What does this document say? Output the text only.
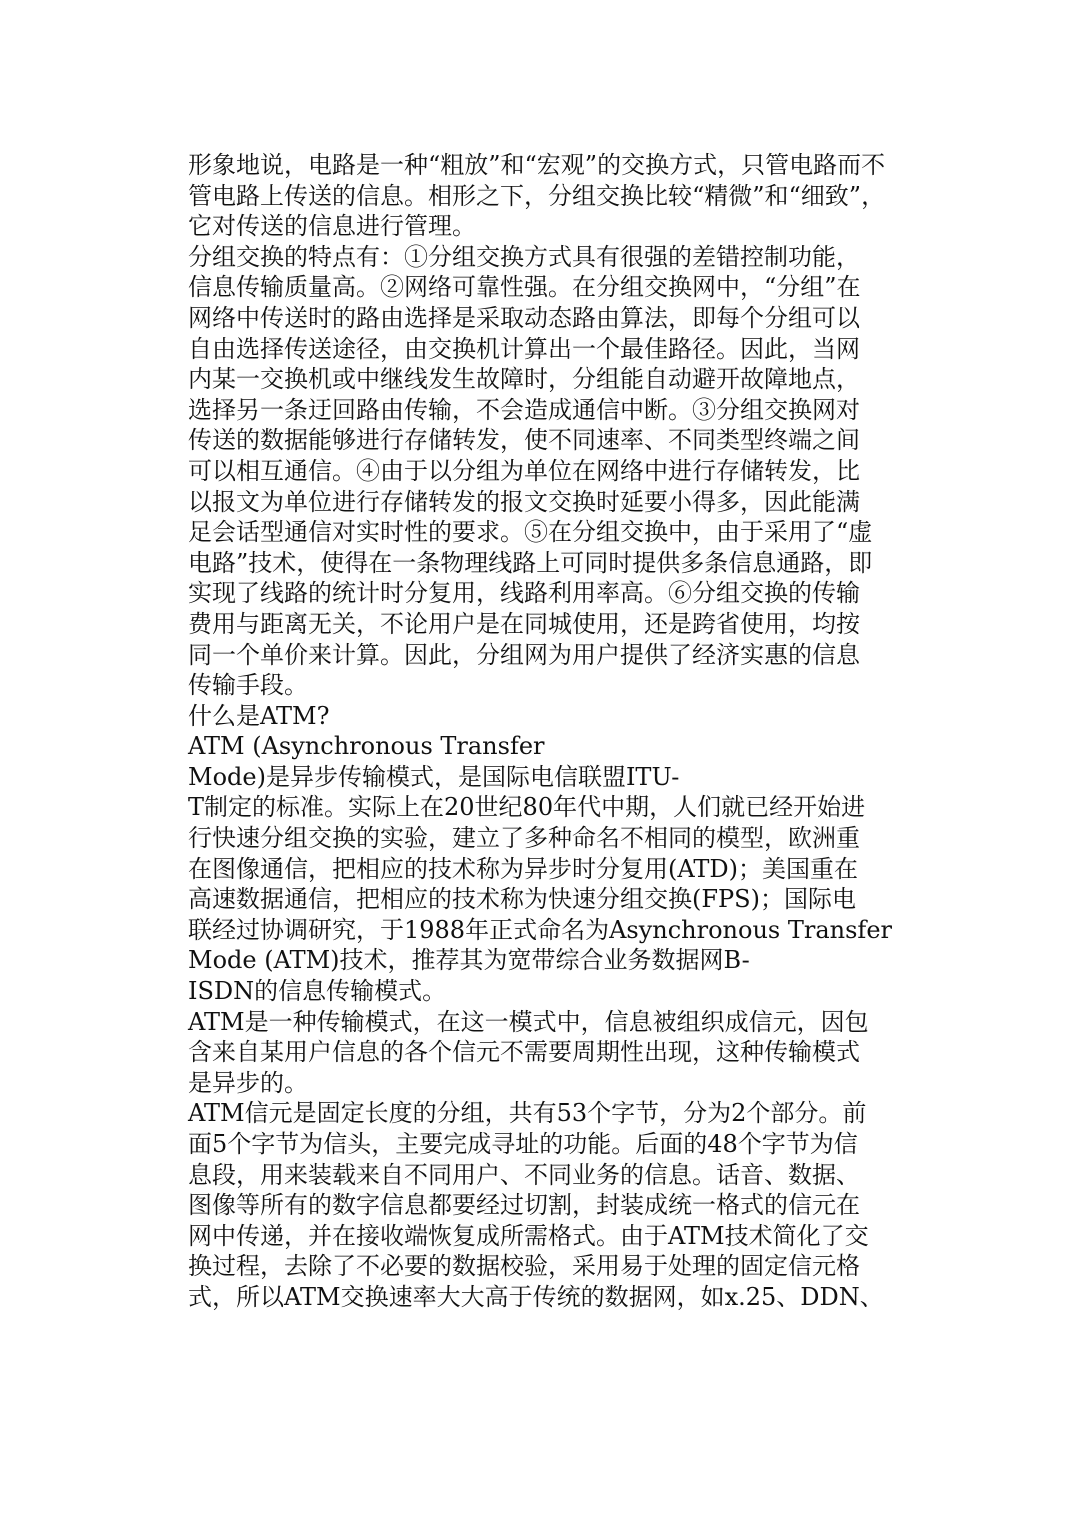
形象地说，电路是一种“粗放”和“宏观”的交换方式，只管电路而不
管电路上传送的信息。相形之下，分组交换比较“精微”和“细致”，
它对传送的信息进行管理。
分组交换的特点有：①分组交换方式具有很强的差错控制功能，
信息传输质量高。②网络可靠性强。在分组交换网中，“分组”在
网络中传送时的路由选择是采取动态路由算法，即每个分组可以
自由选择传送途径，由交换机计算出一个最佳路径。因此，当网
内某一交换机或中继线发生故障时，分组能自动避开故障地点，
选择另一条迂回路由传输，不会造成通信中断。③分组交换网对
传送的数据能够进行存储转发，使不同速率、不同类型终端之间
可以相互通信。④由于以分组为单位在网络中进行存储转发，比
以报文为单位进行存储转发的报文交换时延要小得多，因此能满
足会话型通信对实时性的要求。⑤在分组交换中，由于采用了“虚
电路”技术，使得在一条物理线路上可同时提供多条信息通路，即
实现了线路的统计时分复用，线路利用率高。⑥分组交换的传输
费用与距离无关，不论用户是在同城使用，还是跨省使用，均按
同一个单价来计算。因此，分组网为用户提供了经济实惠的信息
传输手段。
什么是ATM?
ATM (Asynchronous Transfer
Mode)是异步传输模式，是国际电信联盟ITU-
T制定的标准。实际上在20世纪80年代中期，人们就已经开始进
行快速分组交换的实验，建立了多种命名不相同的模型，欧洲重
在图像通信，把相应的技术称为异步时分复用(ATD)；美国重在
高速数据通信，把相应的技术称为快速分组交换(FPS)；国际电
联经过协调研究，于1988年正式命名为Asynchronous Transfer
Mode (ATM)技术，推荐其为宽带综合业务数据网B-
ISDN的信息传输模式。
ATM是一种传输模式，在这一模式中，信息被组织成信元，因包
含来自某用户信息的各个信元不需要周期性出现，这种传输模式
是异步的。
ATM信元是固定长度的分组，共有53个字节，分为2个部分。前
面5个字节为信头，主要完成寻址的功能。后面的48个字节为信
息段，用来装载来自不同用户、不同业务的信息。话音、数据、
图像等所有的数字信息都要经过切割，封装成统一格式的信元在
网中传递，并在接收端恢复成所需格式。由于ATM技术简化了交
换过程，去除了不必要的数据校验，采用易于处理的固定信元格
式，所以ATM交换速率大大高于传统的数据网，如x.25、DDN、
